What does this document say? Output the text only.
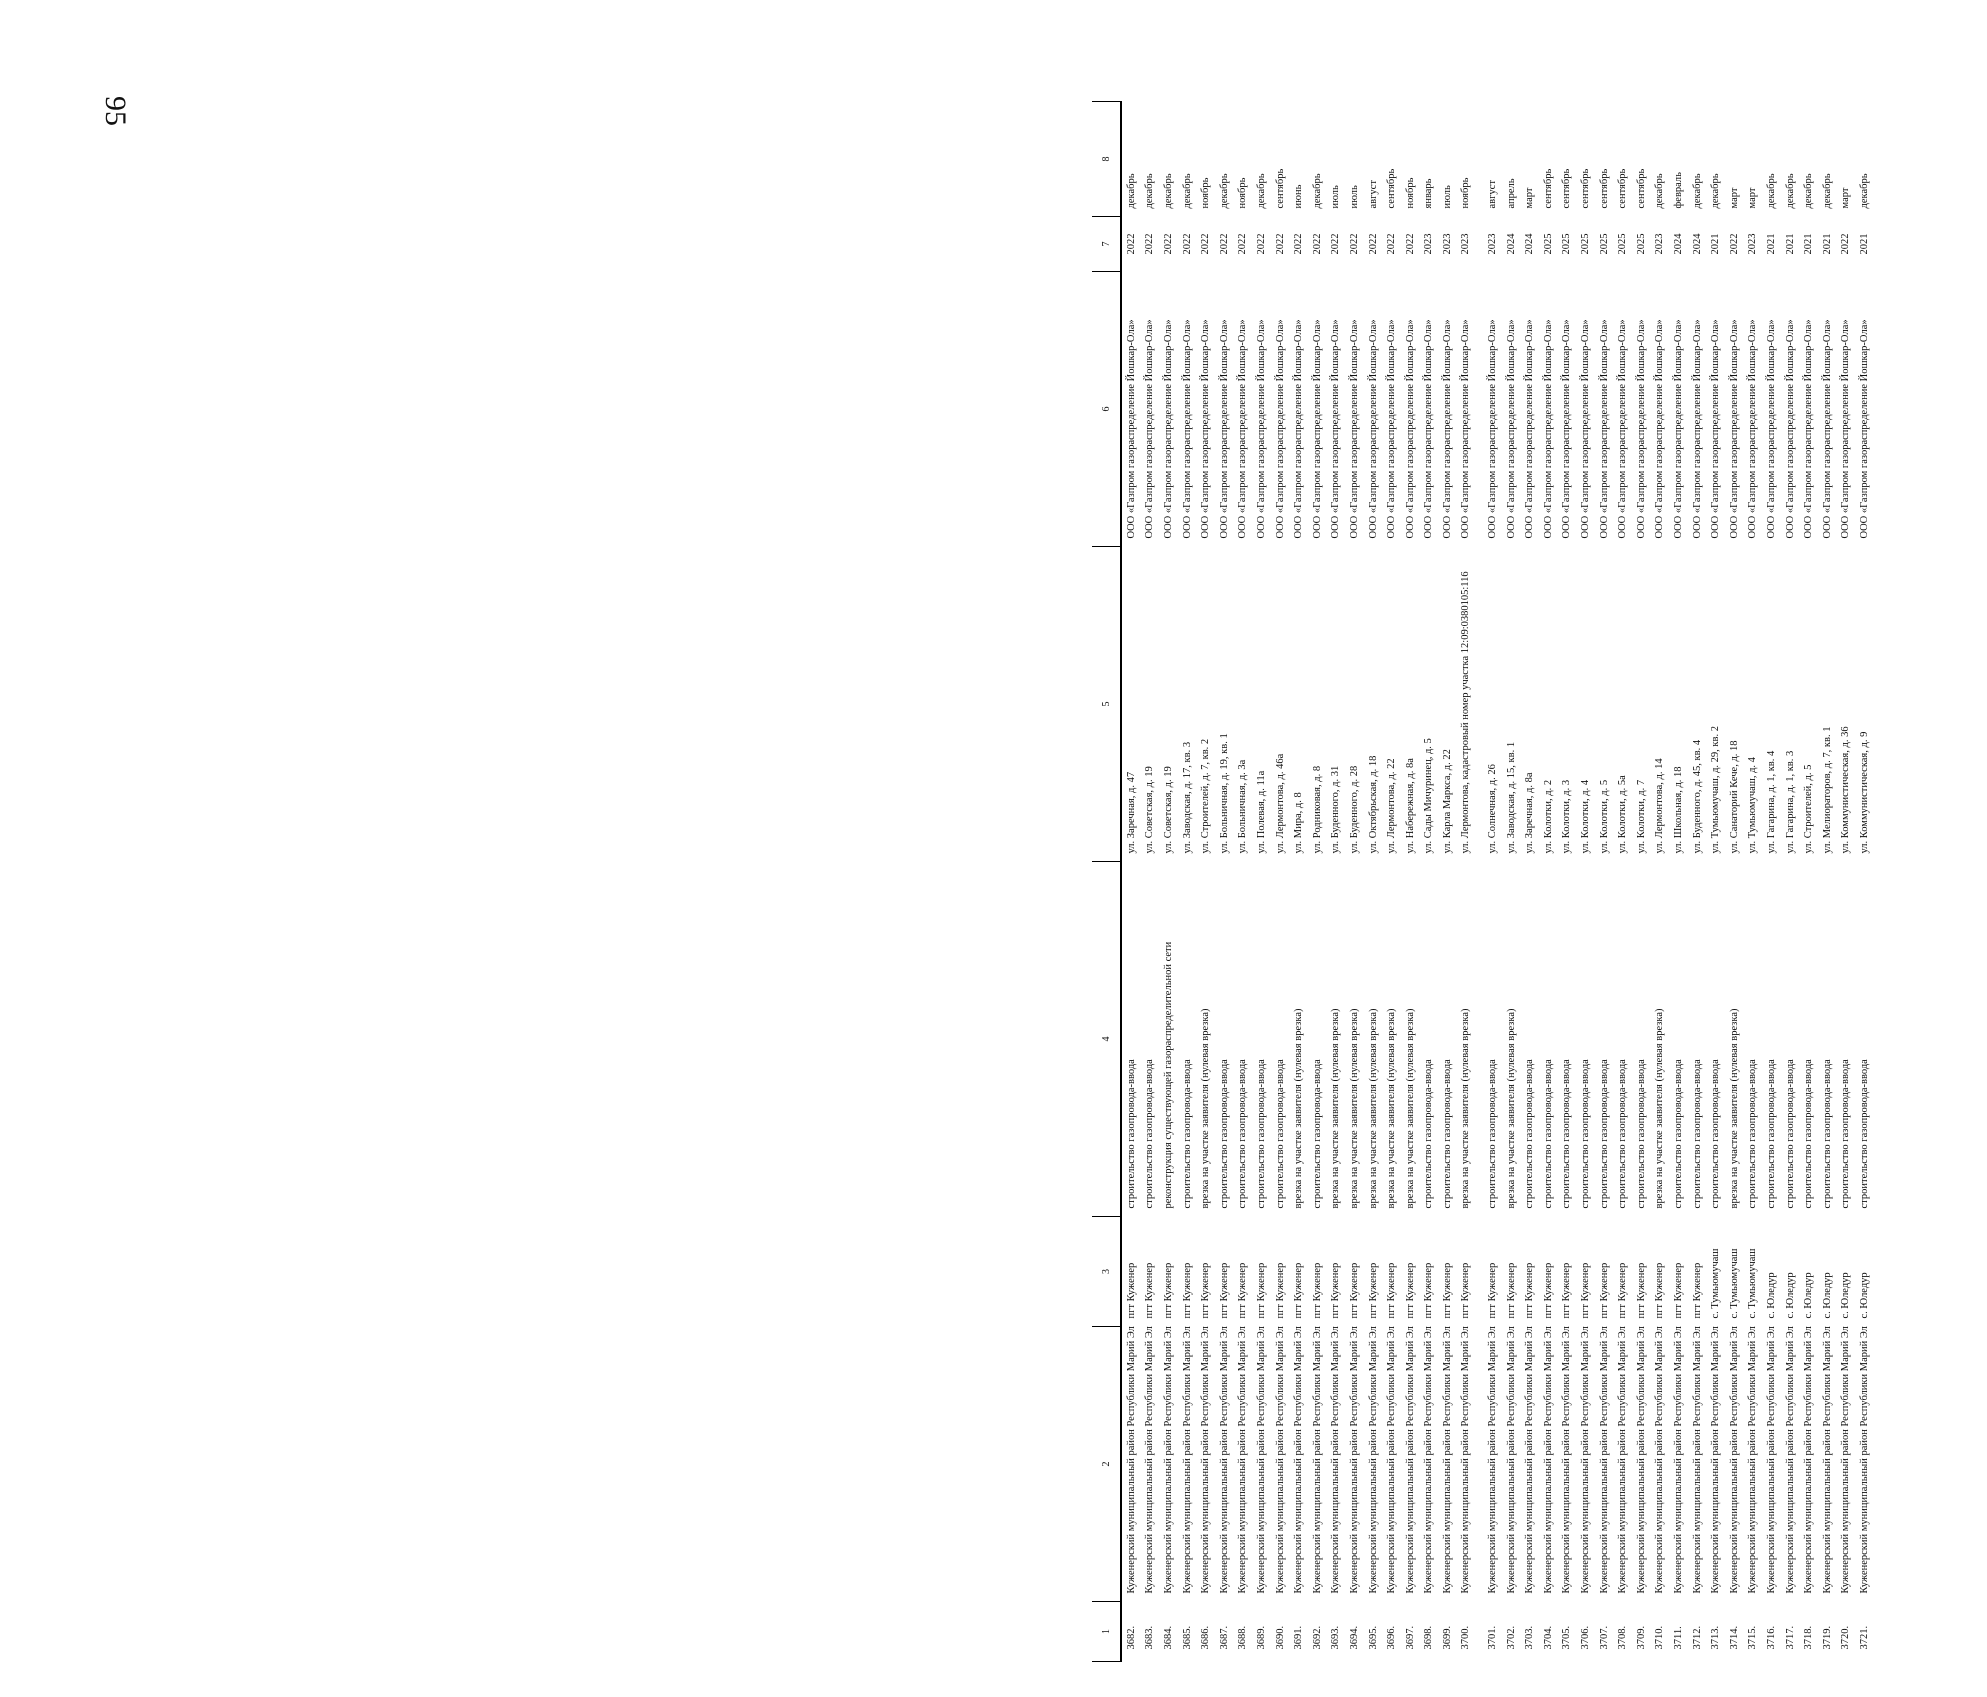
95
1	2	3	4	5	6	7	8
3682.	Куженерский муниципальный район Республики Марий Эл	пгт Куженер	строительство газопровода-ввода	ул. Заречная, д. 47	ООО «Газпром газораспределение Йошкар-Ола»	2022	декабрь
3683.	Куженерский муниципальный район Республики Марий Эл	пгт Куженер	строительство газопровода-ввода	ул. Советская, д. 19	ООО «Газпром газораспределение Йошкар-Ола»	2022	декабрь
3684.	Куженерский муниципальный район Республики Марий Эл	пгт Куженер	реконструкция существующей газораспределительной сети	ул. Советская, д. 19	ООО «Газпром газораспределение Йошкар-Ола»	2022	декабрь
3685.	Куженерский муниципальный район Республики Марий Эл	пгт Куженер	строительство газопровода-ввода	ул. Заводская, д. 17, кв. 3	ООО «Газпром газораспределение Йошкар-Ола»	2022	декабрь
3686.	Куженерский муниципальный район Республики Марий Эл	пгт Куженер	врезка на участке заявителя (нулевая врезка)	ул. Строителей, д. 7, кв. 2	ООО «Газпром газораспределение Йошкар-Ола»	2022	ноябрь
3687.	Куженерский муниципальный район Республики Марий Эл	пгт Куженер	строительство газопровода-ввода	ул. Больничная, д. 19, кв. 1	ООО «Газпром газораспределение Йошкар-Ола»	2022	декабрь
3688.	Куженерский муниципальный район Республики Марий Эл	пгт Куженер	строительство газопровода-ввода	ул. Больничная, д. 3а	ООО «Газпром газораспределение Йошкар-Ола»	2022	ноябрь
3689.	Куженерский муниципальный район Республики Марий Эл	пгт Куженер	строительство газопровода-ввода	ул. Полевая, д. 11а	ООО «Газпром газораспределение Йошкар-Ола»	2022	декабрь
3690.	Куженерский муниципальный район Республики Марий Эл	пгт Куженер	строительство газопровода-ввода	ул. Лермонтова, д. 46а	ООО «Газпром газораспределение Йошкар-Ола»	2022	сентябрь
3691.	Куженерский муниципальный район Республики Марий Эл	пгт Куженер	врезка на участке заявителя (нулевая врезка)	ул. Мира, д. 8	ООО «Газпром газораспределение Йошкар-Ола»	2022	июнь
3692.	Куженерский муниципальный район Республики Марий Эл	пгт Куженер	строительство газопровода-ввода	ул. Родниковая, д. 8	ООО «Газпром газораспределение Йошкар-Ола»	2022	декабрь
3693.	Куженерский муниципальный район Республики Марий Эл	пгт Куженер	врезка на участке заявителя (нулевая врезка)	ул. Буденного, д. 31	ООО «Газпром газораспределение Йошкар-Ола»	2022	июль
3694.	Куженерский муниципальный район Республики Марий Эл	пгт Куженер	врезка на участке заявителя (нулевая врезка)	ул. Буденного, д. 28	ООО «Газпром газораспределение Йошкар-Ола»	2022	июль
3695.	Куженерский муниципальный район Республики Марий Эл	пгт Куженер	врезка на участке заявителя (нулевая врезка)	ул. Октябрьская, д. 18	ООО «Газпром газораспределение Йошкар-Ола»	2022	август
3696.	Куженерский муниципальный район Республики Марий Эл	пгт Куженер	врезка на участке заявителя (нулевая врезка)	ул. Лермонтова, д. 22	ООО «Газпром газораспределение Йошкар-Ола»	2022	сентябрь
3697.	Куженерский муниципальный район Республики Марий Эл	пгт Куженер	врезка на участке заявителя (нулевая врезка)	ул. Набережная, д. 8а	ООО «Газпром газораспределение Йошкар-Ола»	2022	ноябрь
3698.	Куженерский муниципальный район Республики Марий Эл	пгт Куженер	строительство газопровода-ввода	ул. Сады Мичуринец, д. 5	ООО «Газпром газораспределение Йошкар-Ола»	2023	январь
3699.	Куженерский муниципальный район Республики Марий Эл	пгт Куженер	строительство газопровода-ввода	ул. Карла Маркса, д. 22	ООО «Газпром газораспределение Йошкар-Ола»	2023	июль
3700.	Куженерский муниципальный район Республики Марий Эл	пгт Куженер	врезка на участке заявителя (нулевая врезка)	ул. Лермонтова, кадастровый номер участка 12:09:0380105:116	ООО «Газпром газораспределение Йошкар-Ола»	2023	ноябрь

3701.	Куженерский муниципальный район Республики Марий Эл	пгт Куженер	строительство газопровода-ввода	ул. Солнечная, д. 26	ООО «Газпром газораспределение Йошкар-Ола»	2023	август
3702.	Куженерский муниципальный район Республики Марий Эл	пгт Куженер	врезка на участке заявителя (нулевая врезка)	ул. Заводская, д. 15, кв. 1	ООО «Газпром газораспределение Йошкар-Ола»	2024	апрель
3703.	Куженерский муниципальный район Республики Марий Эл	пгт Куженер	строительство газопровода-ввода	ул. Заречная, д. 8а	ООО «Газпром газораспределение Йошкар-Ола»	2024	март
3704.	Куженерский муниципальный район Республики Марий Эл	пгт Куженер	строительство газопровода-ввода	ул. Колотки, д. 2	ООО «Газпром газораспределение Йошкар-Ола»	2025	сентябрь
3705.	Куженерский муниципальный район Республики Марий Эл	пгт Куженер	строительство газопровода-ввода	ул. Колотки, д. 3	ООО «Газпром газораспределение Йошкар-Ола»	2025	сентябрь
3706.	Куженерский муниципальный район Республики Марий Эл	пгт Куженер	строительство газопровода-ввода	ул. Колотки, д. 4	ООО «Газпром газораспределение Йошкар-Ола»	2025	сентябрь
3707.	Куженерский муниципальный район Республики Марий Эл	пгт Куженер	строительство газопровода-ввода	ул. Колотки, д. 5	ООО «Газпром газораспределение Йошкар-Ола»	2025	сентябрь
3708.	Куженерский муниципальный район Республики Марий Эл	пгт Куженер	строительство газопровода-ввода	ул. Колотки, д. 5а	ООО «Газпром газораспределение Йошкар-Ола»	2025	сентябрь
3709.	Куженерский муниципальный район Республики Марий Эл	пгт Куженер	строительство газопровода-ввода	ул. Колотки, д. 7	ООО «Газпром газораспределение Йошкар-Ола»	2025	сентябрь
3710.	Куженерский муниципальный район Республики Марий Эл	пгт Куженер	врезка на участке заявителя (нулевая врезка)	ул. Лермонтова, д. 14	ООО «Газпром газораспределение Йошкар-Ола»	2023	декабрь
3711.	Куженерский муниципальный район Республики Марий Эл	пгт Куженер	строительство газопровода-ввода	ул. Школьная, д. 18	ООО «Газпром газораспределение Йошкар-Ола»	2024	февраль
3712.	Куженерский муниципальный район Республики Марий Эл	пгт Куженер	строительство газопровода-ввода	ул. Буденного, д. 45, кв. 4	ООО «Газпром газораспределение Йошкар-Ола»	2024	декабрь
3713.	Куженерский муниципальный район Республики Марий Эл	с. Тумьюмучаш	строительство газопровода-ввода	ул. Тумьюмучаш, д. 29, кв. 2	ООО «Газпром газораспределение Йошкар-Ола»	2021	декабрь
3714.	Куженерский муниципальный район Республики Марий Эл	с. Тумьюмучаш	врезка на участке заявителя (нулевая врезка)	ул. Санаторий Кече, д. 18	ООО «Газпром газораспределение Йошкар-Ола»	2022	март
3715.	Куженерский муниципальный район Республики Марий Эл	с. Тумьюмучаш	строительство газопровода-ввода	ул. Тумьюмучаш, д. 4	ООО «Газпром газораспределение Йошкар-Ола»	2023	март
3716.	Куженерский муниципальный район Республики Марий Эл	с. Юледур	строительство газопровода-ввода	ул. Гагарина, д. 1, кв. 4	ООО «Газпром газораспределение Йошкар-Ола»	2021	декабрь
3717.	Куженерский муниципальный район Республики Марий Эл	с. Юледур	строительство газопровода-ввода	ул. Гагарина, д. 1, кв. 3	ООО «Газпром газораспределение Йошкар-Ола»	2021	декабрь
3718.	Куженерский муниципальный район Республики Марий Эл	с. Юледур	строительство газопровода-ввода	ул. Строителей, д. 5	ООО «Газпром газораспределение Йошкар-Ола»	2021	декабрь
3719.	Куженерский муниципальный район Республики Марий Эл	с. Юледур	строительство газопровода-ввода	ул. Мелиораторов, д. 7, кв. 1	ООО «Газпром газораспределение Йошкар-Ола»	2021	декабрь
3720.	Куженерский муниципальный район Республики Марий Эл	с. Юледур	строительство газопровода-ввода	ул. Коммунистическая, д. 36	ООО «Газпром газораспределение Йошкар-Ола»	2022	март
3721.	Куженерский муниципальный район Республики Марий Эл	с. Юледур	строительство газопровода-ввода	ул. Коммунистическая, д. 9	ООО «Газпром газораспределение Йошкар-Ола»	2021	декабрь
